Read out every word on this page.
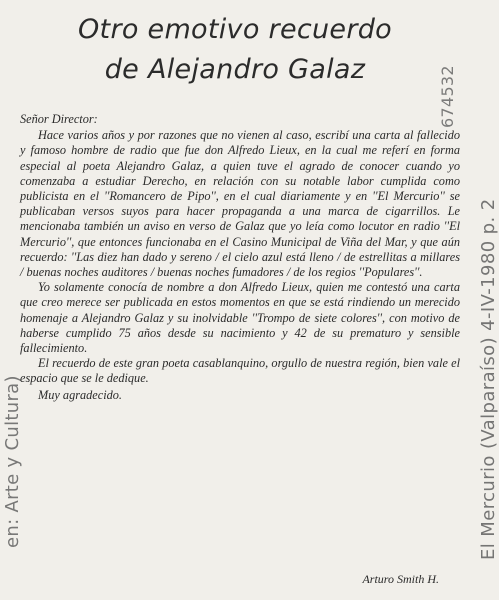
Otro emotivo recuerdo
de Alejandro Galaz

Señor Director:

Hace varios años y por razones que no vienen al caso, escribí una carta al fallecido y famoso hombre de radio que fue don Alfredo Lieux, en la cual me referí en forma especial al poeta Alejandro Galaz, a quien tuve el agrado de conocer cuando yo comenzaba a estudiar Derecho, en relación con su notable labor cumplida como publicista en el ''Romancero de Pipo'', en el cual diariamente y en ''El Mercurio'' se publicaban versos suyos para hacer propaganda a una marca de cigarrillos. Le mencionaba también un aviso en verso de Galaz que yo leía como locutor en radio ''El Mercurio'', que entonces funcionaba en el Casino Municipal de Viña del Mar, y que aún recuerdo: ''Las diez han dado y sereno / el cielo azul está lleno / de estrellitas a millares / buenas noches auditores / buenas noches fumadores / de los regios ''Populares''.

Yo solamente conocía de nombre a don Alfredo Lieux, quien me contestó una carta que creo merece ser publicada en estos momentos en que se está rindiendo un merecido homenaje a Alejandro Galaz y su inolvidable ''Trompo de siete colores'', con motivo de haberse cumplido 75 años desde su nacimiento y 42 de su prematuro y sensible fallecimiento.

El recuerdo de este gran poeta casablanquino, orgullo de nuestra región, bien vale el espacio que se le dedique.

Muy agradecido.

Arturo Smith H.
en: Arte y Cultura)	El Mercurio (Valparaíso) 4-IV-1980 p. 2
674532
